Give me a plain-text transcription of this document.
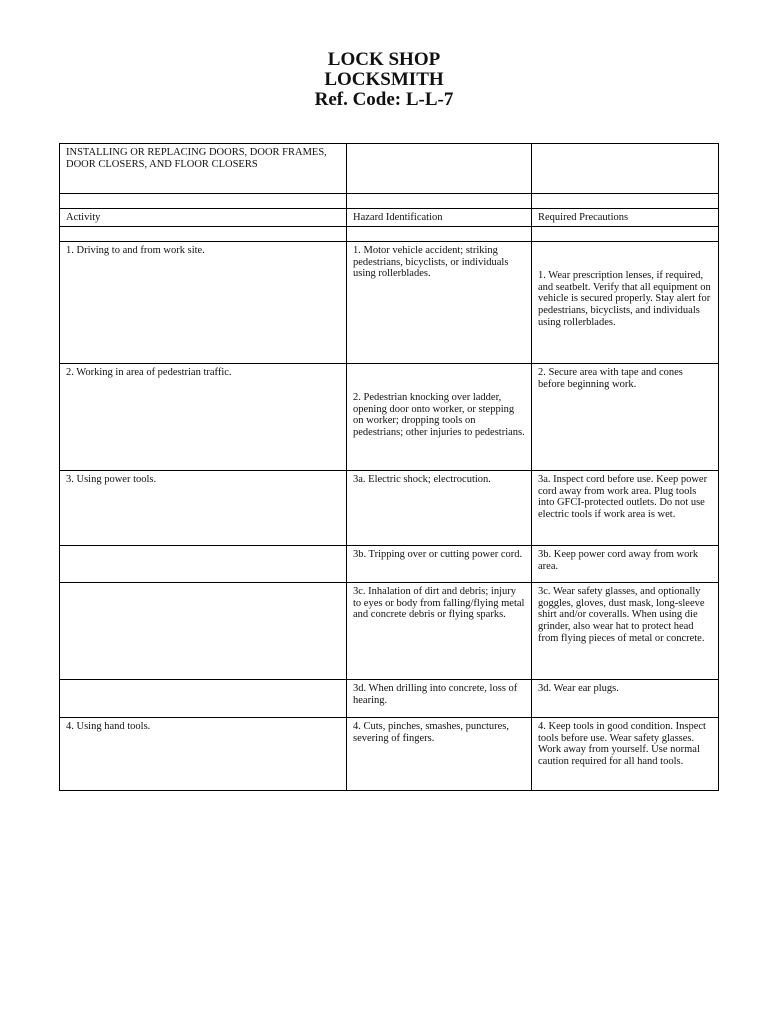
LOCK SHOP
LOCKSMITH
Ref. Code: L-L-7
INSTALLING OR REPLACING DOORS, DOOR FRAMES, DOOR CLOSERS, AND FLOOR CLOSERS		

Activity	Hazard Identification	Required Precautions

1. Driving to and from work site.	1. Motor vehicle accident; striking pedestrians, bicyclists, or individuals using rollerblades.	1. Wear prescription lenses, if required, and seatbelt. Verify that all equipment on vehicle is secured properly. Stay alert for pedestrians, bicyclists, and individuals using rollerblades.
2. Working in area of pedestrian traffic.	2. Pedestrian knocking over ladder, opening door onto worker, or stepping on worker; dropping tools on pedestrians; other injuries to pedestrians.	2. Secure area with tape and cones before beginning work.
3. Using power tools.	3a. Electric shock; electrocution.	3a. Inspect cord before use. Keep power cord away from work area. Plug tools into GFCI-protected outlets. Do not use electric tools if work area is wet.
	3b. Tripping over or cutting power cord.	3b. Keep power cord away from work area.
	3c. Inhalation of dirt and debris; injury to eyes or body from falling/flying metal and concrete debris or flying sparks.	3c. Wear safety glasses, and optionally goggles, gloves, dust mask, long-sleeve shirt and/or coveralls. When using die grinder, also wear hat to protect head from flying pieces of metal or concrete.
	3d. When drilling into concrete, loss of hearing.	3d. Wear ear plugs.
4. Using hand tools.	4. Cuts, pinches, smashes, punctures, severing of fingers.	4. Keep tools in good condition. Inspect tools before use. Wear safety glasses. Work away from yourself. Use normal caution required for all hand tools.
